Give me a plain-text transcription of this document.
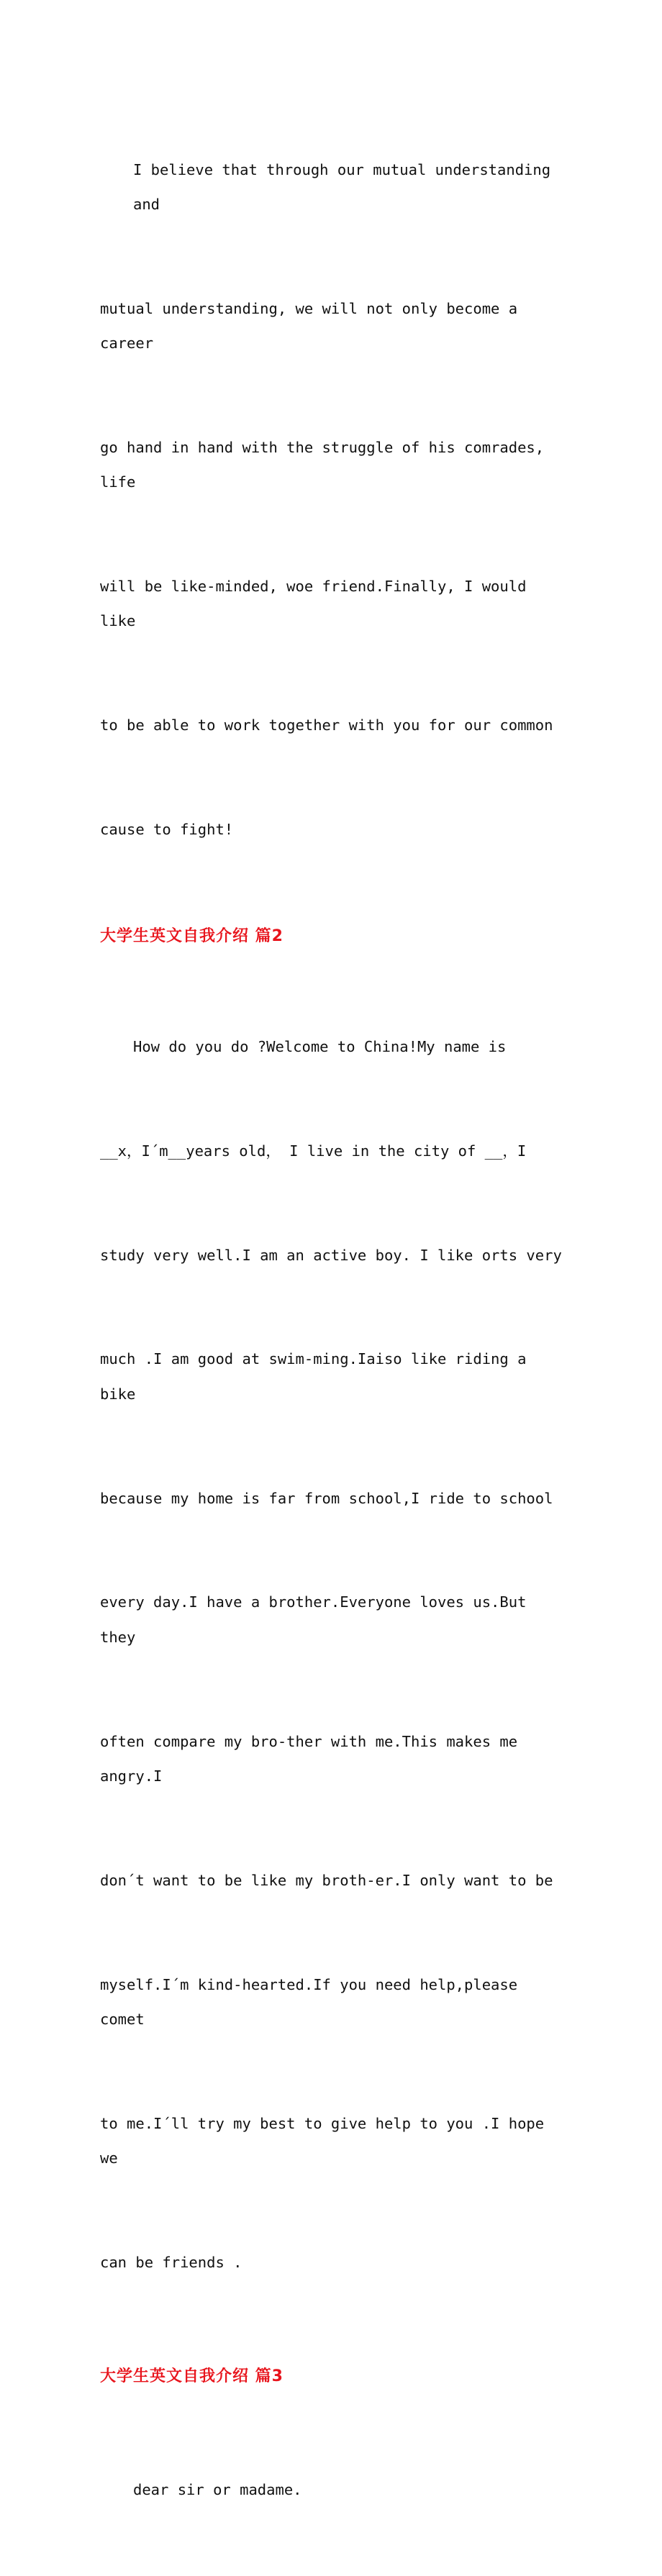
I believe that through our mutual understanding and

mutual understanding, we will not only become a career

go hand in hand with the struggle of his comrades, life

will be like-minded, woe friend.Finally, I would like

to be able to work together with you for our common

cause to fight!

大学生英文自我介绍 篇2

How do you do ?Welcome to China!My name is

__x，I´m__years old， I live in the city of __，I

study very well.I am an active boy. I like orts very

much .I am good at swim-ming.Iaiso like riding a bike

because my home is far from school,I ride to school

every day.I have a brother.Everyone loves us.But they

often compare my bro-ther with me.This makes me angry.I

don´t want to be like my broth-er.I only want to be

myself.I´m kind-hearted.If you need help,please comet

to me.I´ll try my best to give help to you .I hope we

can be friends .

大学生英文自我介绍 篇3

dear sir or madame.
